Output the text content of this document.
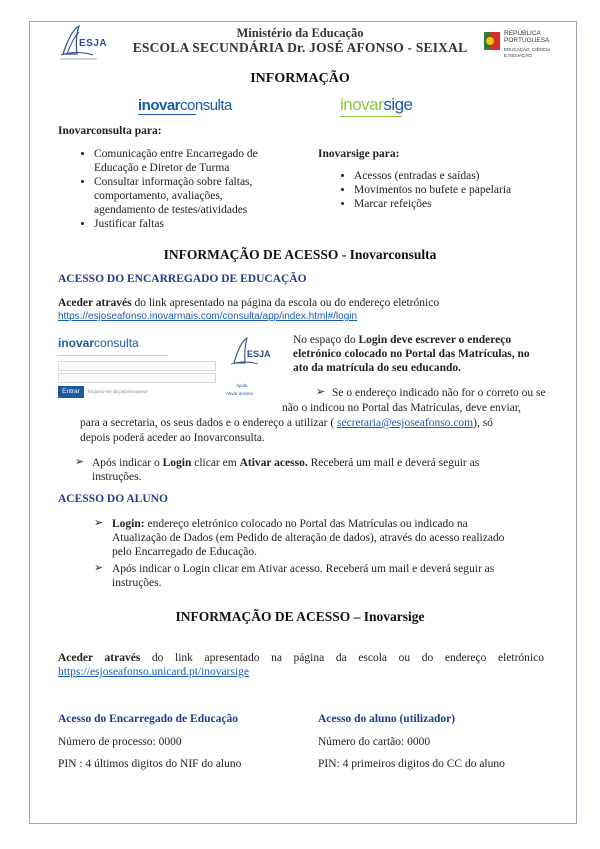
ESJA
Ministério da Educação
ESCOLA SECUNDÁRIA Dr. JOSÉ AFONSO - SEIXAL
REPÚBLICA
PORTUGUESA
EDUCAÇÃO, CIÊNCIA
E INOVAÇÃO
INFORMAÇÃO
inovarconsulta	inovarsige
Inovarconsulta para:
• Comunicação entre Encarregado de
Educação e Diretor de Turma
• Consultar informação sobre faltas,
comportamento, avaliações,
agendamento de testes/atividades
• Justificar faltas
Inovarsige para:
• Acessos (entradas e saídas)
• Movimentos no bufete e papelaria
• Marcar refeições
INFORMAÇÃO DE ACESSO - Inovarconsulta
ACESSO DO ENCARREGADO DE EDUCAÇÃO
Aceder através do link apresentado na página da escola ou do endereço eletrónico
https://esjoseafonso.inovarmais.com/consulta/app/index.html#/login
inovarconsulta
Entrar	Esqueci-me da palavra-passe
Ajuda
Ativar acesso
ESJA
No espaço do Login deve escrever o endereço
eletrónico colocado no Portal das Matrículas, no
ato da matrícula do seu educando.
➢ Se o endereço indicado não for o correto ou se
não o indicou no Portal das Matrículas, deve enviar,
para a secretaria, os seus dados e o endereço a utilizar ( secretaria@esjoseafonso.com), só
depois poderá aceder ao Inovarconsulta.
➢ Após indicar o Login clicar em Ativar acesso. Receberá um mail e deverá seguir as
instruções.
ACESSO DO ALUNO
➢ Login: endereço eletrónico colocado no Portal das Matrículas ou indicado na
Atualização de Dados (em Pedido de alteração de dados), através do acesso realizado
pelo Encarregado de Educação.
➢ Após indicar o Login clicar em Ativar acesso. Receberá um mail e deverá seguir as
instruções.
INFORMAÇÃO DE ACESSO – Inovarsige
Aceder através do link apresentado na página da escola ou do endereço eletrónico
https://esjoseafonso.unicard.pt/inovarsige
Acesso do Encarregado de Educação
Número de processo: 0000
PIN : 4 últimos digitos do NIF do aluno
Acesso do aluno (utilizador)
Número do cartão: 0000
PIN: 4 primeiros digitos do CC do aluno
